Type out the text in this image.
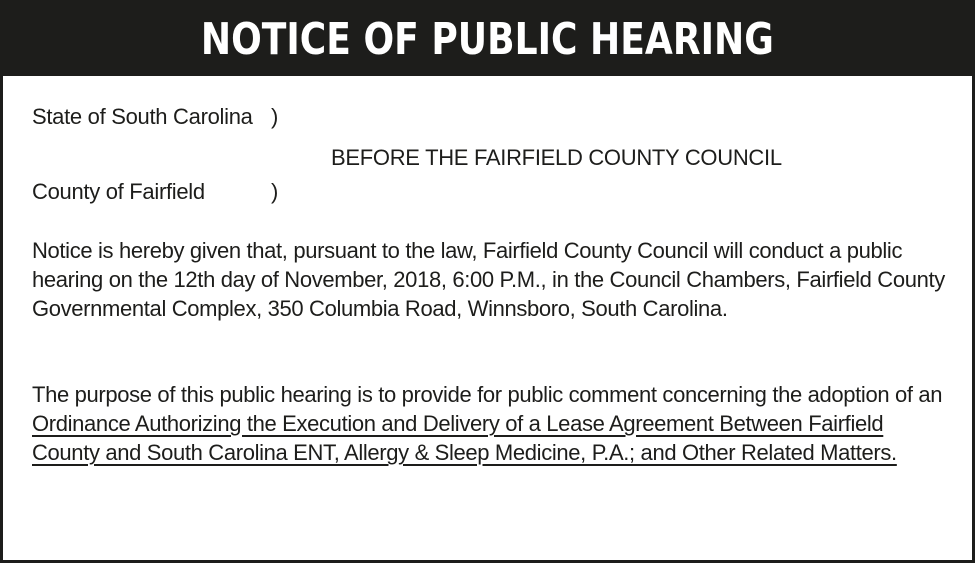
NOTICE OF PUBLIC HEARING
State of South Carolina )
BEFORE THE FAIRFIELD COUNTY COUNCIL
County of Fairfield	)

Notice is hereby given that, pursuant to the law, Fairfield County Council will conduct a public hearing on the 12th day of November, 2018, 6:00 P.M., in the Council Chambers, Fairfield County Governmental Complex, 350 Columbia Road, Winnsboro, South Carolina.

The purpose of this public hearing is to provide for public comment concerning the adoption of an Ordinance Authorizing the Execution and Delivery of a Lease Agreement Between Fairfield County and South Carolina ENT, Allergy & Sleep Medicine, P.A.; and Other Related Matters.
